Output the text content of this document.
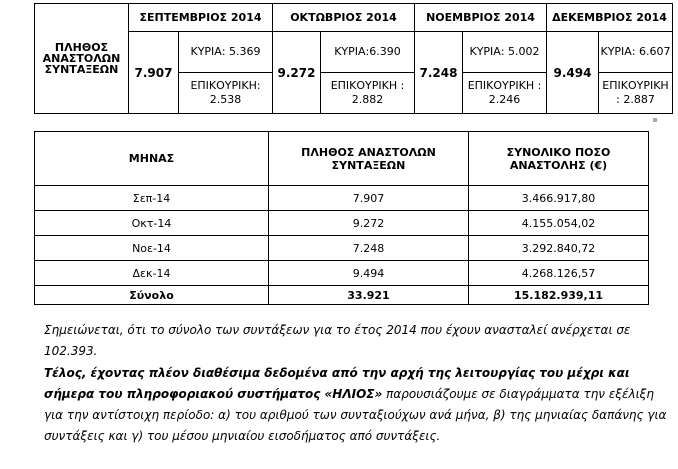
ΠΛΗΘΟΣ ΑΝΑΣΤΟΛΩΝ ΣΥΝΤΑΞΕΩΝ	ΣΕΠΤΕΜΒΡΙΟΣ 2014		ΟΚΤΩΒΡΙΟΣ 2014		ΝΟΕΜΒΡΙΟΣ 2014		ΔΕΚΕΜΒΡΙΟΣ 2014	
	7.907	ΚΥΡΙΑ: 5.369	9.272	ΚΥΡΙΑ:6.390	7.248	ΚΥΡΙΑ: 5.002	9.494	ΚΥΡΙΑ: 6.607
		ΕΠΙΚΟΥΡΙΚΗ: 2.538		ΕΠΙΚΟΥΡΙΚΗ : 2.882		ΕΠΙΚΟΥΡΙΚΗ : 2.246		ΕΠΙΚΟΥΡΙΚΗ : 2.887
ΜΗΝΑΣ	ΠΛΗΘΟΣ ΑΝΑΣΤΟΛΩΝ ΣΥΝΤΑΞΕΩΝ	ΣΥΝΟΛΙΚΟ ΠΟΣΟ ΑΝΑΣΤΟΛΗΣ (€)
Σεπ-14	7.907	3.466.917,80
Οκτ-14	9.272	4.155.054,02
Νοε-14	7.248	3.292.840,72
Δεκ-14	9.494	4.268.126,57
Σύνολο	33.921	15.182.939,11

Σημειώνεται, ότι το σύνολο των συντάξεων για το έτος 2014 που έχουν ανασταλεί ανέρχεται σε 102.393.

Τέλος, έχοντας πλέον διαθέσιμα δεδομένα από την αρχή της λειτουργίας του μέχρι και σήμερα του πληροφοριακού συστήματος «ΗΛΙΟΣ» παρουσιάζουμε σε διαγράμματα την εξέλιξη για την αντίστοιχη περίοδο: α) του αριθμού των συνταξιούχων ανά μήνα, β) της μηνιαίας δαπάνης για συντάξεις και γ) του μέσου μηνιαίου εισοδήματος από συντάξεις.
